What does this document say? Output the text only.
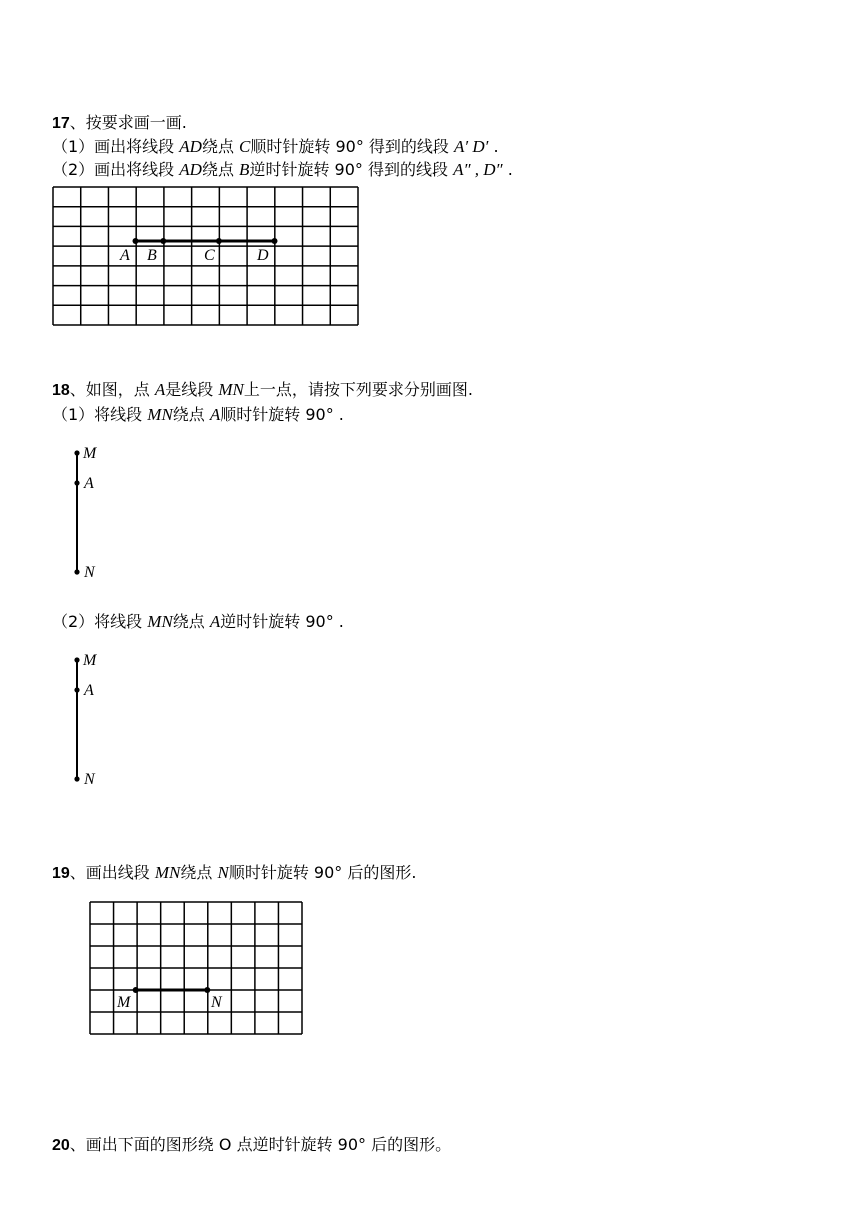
17、按要求画一画.
（1）画出将线段 AD绕点 C顺时针旋转 90° 得到的线段 A′ D′ .
（2）画出将线段 AD绕点 B逆时针旋转 90° 得到的线段 A″ , D″ .
A B	C	D
18、如图，点 A是线段 MN上一点，请按下列要求分别画图.
（1）将线段 MN绕点 A顺时针旋转 90° .
M
A
N
（2）将线段 MN绕点 A逆时针旋转 90° .
M
A
N
19、画出线段 MN绕点 N顺时针旋转 90° 后的图形.
M	N
20、画出下面的图形绕 O 点逆时针旋转 90° 后的图形。
